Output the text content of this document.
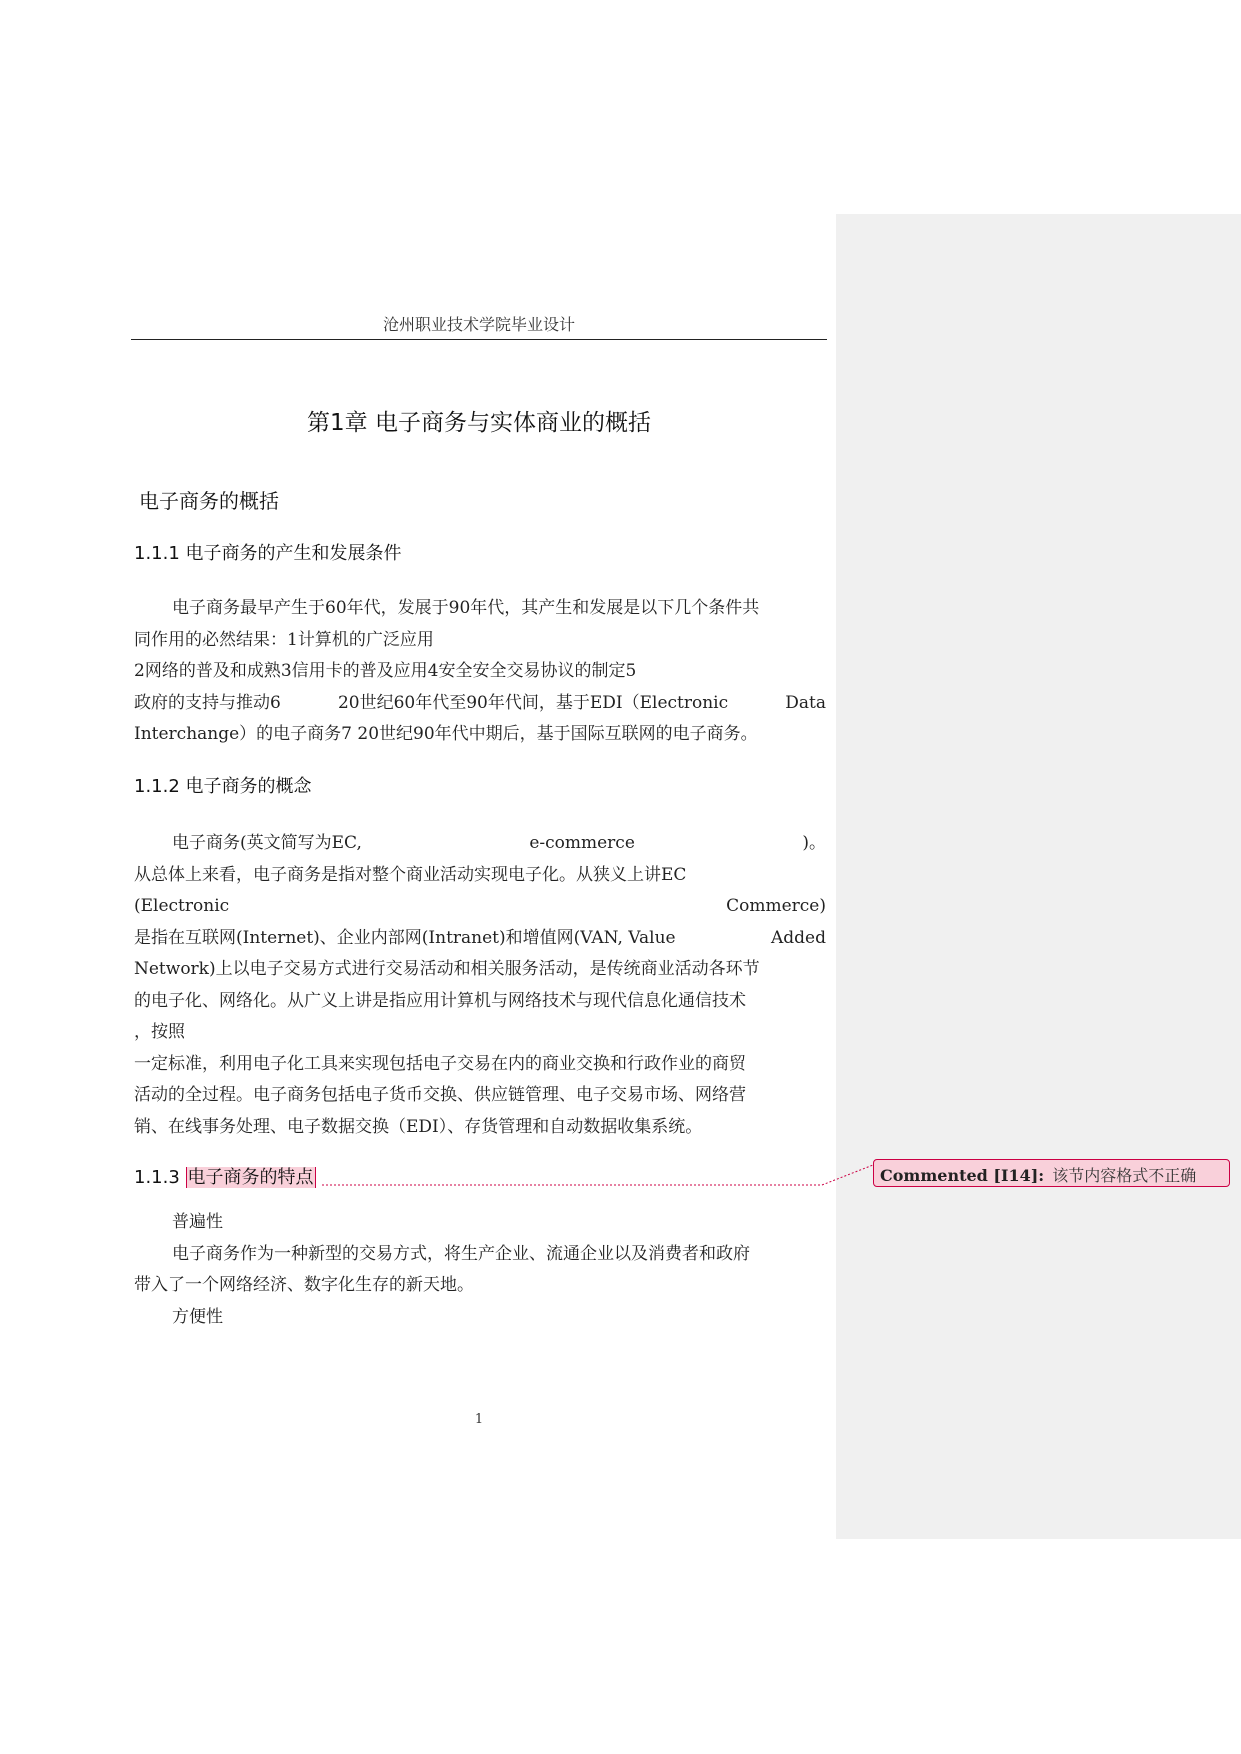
沧州职业技术学院毕业设计
第1章 电子商务与实体商业的概括
电子商务的概括
1.1.1 电子商务的产生和发展条件
电子商务最早产生于60年代，发展于90年代，其产生和发展是以下几个条件共
同作用的必然结果：1计算机的广泛应用
2网络的普及和成熟3信用卡的普及应用4安全安全交易协议的制定5
政府的支持与推动6	20世纪60年代至90年代间，基于EDI（Electronic	Data
Interchange）的电子商务7 20世纪90年代中期后，基于国际互联网的电子商务。
1.1.2 电子商务的概念
电子商务(英文简写为EC,	e-commerce	)。
从总体上来看，电子商务是指对整个商业活动实现电子化。从狭义上讲EC
(Electronic	Commerce)
是指在互联网(Internet)、企业内部网(Intranet)和增值网(VAN, Value	Added
Network)上以电子交易方式进行交易活动和相关服务活动，是传统商业活动各环节
的电子化、网络化。从广义上讲是指应用计算机与网络技术与现代信息化通信技术
，按照
一定标准，利用电子化工具来实现包括电子交易在内的商业交换和行政作业的商贸
活动的全过程。电子商务包括电子货币交换、供应链管理、电子交易市场、网络营
销、在线事务处理、电子数据交换（EDI）、存货管理和自动数据收集系统。
1.1.3 电子商务的特点
普遍性
电子商务作为一种新型的交易方式，将生产企业、流通企业以及消费者和政府
带入了一个网络经济、数字化生存的新天地。
方便性
Commented [I14]: 该节内容格式不正确
1
